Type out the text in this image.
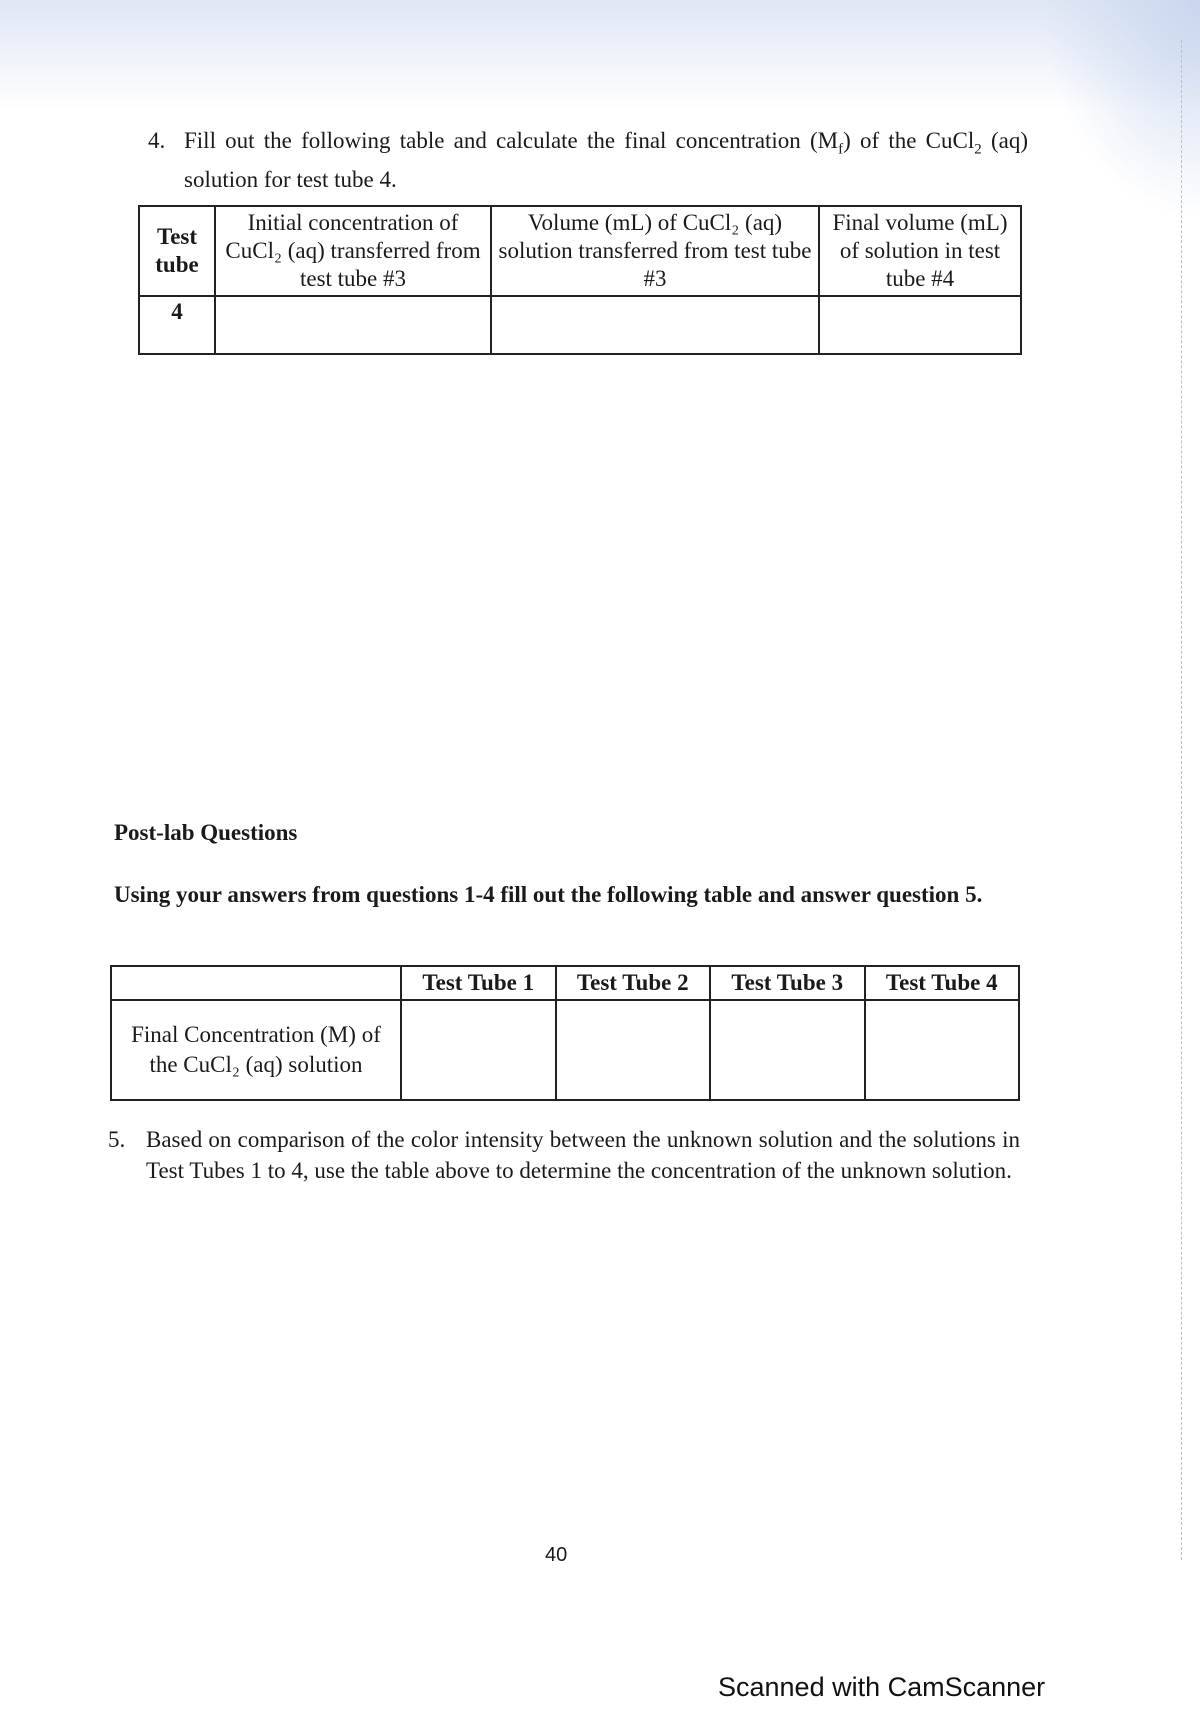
4. Fill out the following table and calculate the final concentration $(M_f)$ of the CuCl$_2$ (aq) solution for test tube 4.
Test tube	Initial concentration of CuCl₂ (aq) transferred from test tube #3	Volume (mL) of CuCl₂ (aq) solution transferred from test tube #3	Final volume (mL) of solution in test tube #4
4			
Post-lab Questions
Using your answers from questions 1-4 fill out the following table and answer question 5.
	Test Tube 1	Test Tube 2	Test Tube 3	Test Tube 4
Final Concentration (M) of the CuCl₂ (aq) solution				
5. Based on comparison of the color intensity between the unknown solution and the solutions in Test Tubes 1 to 4, use the table above to determine the concentration of the unknown solution.
40
Scanned with CamScanner
